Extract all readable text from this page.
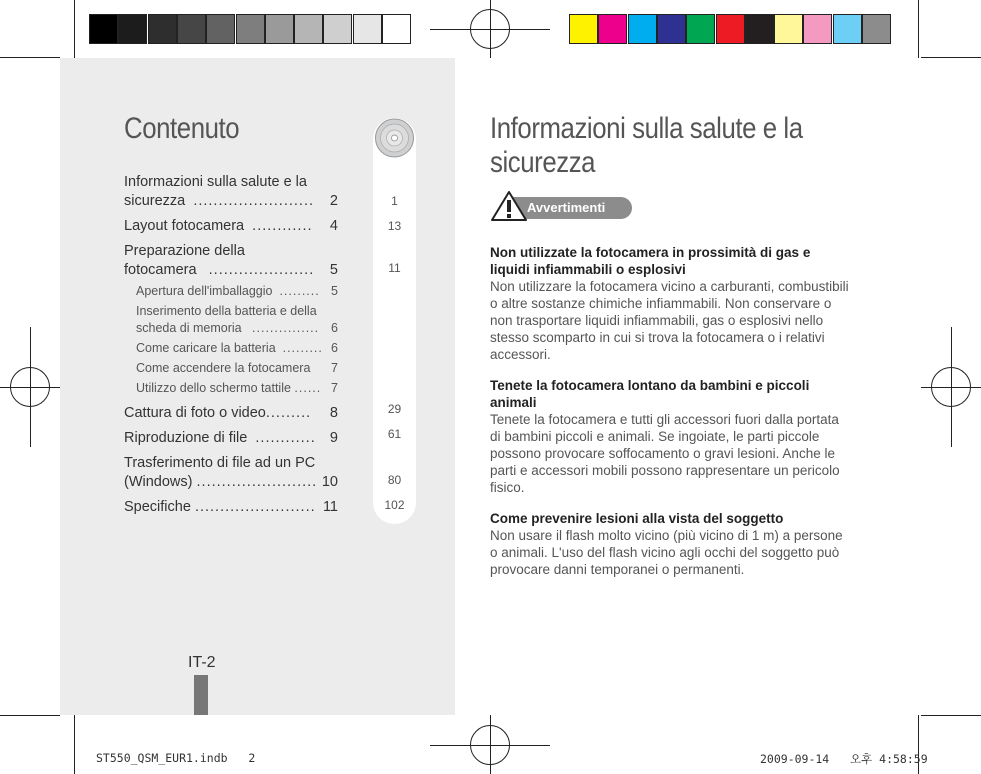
Contenuto
Informazioni sulla salute e la
sicurezza ........................ 2
Layout fotocamera ............ 4
Preparazione della
fotocamera ..................... 5
Apertura dell'imballaggio ......... 5
Inserimento della batteria e della
scheda di memoria ............... 6
Come caricare la batteria ......... 6
Come accendere la fotocamera 7
Utilizzo dello schermo tattile ...... 7
Cattura di foto o video......... 8
Riproduzione di file ............ 9
Trasferimento di file ad un PC
(Windows) ........................ 10
Specifiche ........................ 11
1
13
11
29
61
80
102
IT-2
Informazioni sulla salute e la
sicurezza
Avvertimenti
Non utilizzate la fotocamera in prossimità di gas e
liquidi infiammabili o esplosivi
Non utilizzare la fotocamera vicino a carburanti, combustibili
o altre sostanze chimiche infiammabili. Non conservare o
non trasportare liquidi infiammabili, gas o esplosivi nello
stesso scomparto in cui si trova la fotocamera o i relativi
accessori.
Tenete la fotocamera lontano da bambini e piccoli
animali
Tenete la fotocamera e tutti gli accessori fuori dalla portata
di bambini piccoli e animali. Se ingoiate, le parti piccole
possono provocare soffocamento o gravi lesioni. Anche le
parti e accessori mobili possono rappresentare un pericolo
fisico.
Come prevenire lesioni alla vista del soggetto
Non usare il flash molto vicino (più vicino di 1 m) a persone
o animali. L'uso del flash vicino agli occhi del soggetto può
provocare danni temporanei o permanenti.
ST550_QSM_EUR1.indb   2	2009-09-14   오후 4:58:59
